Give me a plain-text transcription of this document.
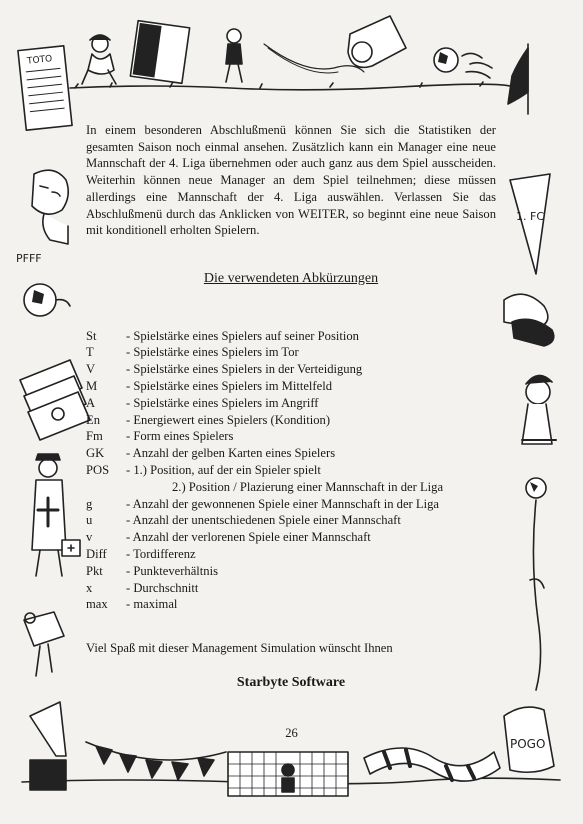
TOTO
1. FC
POGO
PFFF

In einem besonderen Abschlußmenü können Sie sich die Statistiken der gesamten Saison noch einmal ansehen. Zusätzlich kann ein Manager eine neue Mannschaft der 4. Liga übernehmen oder auch ganz aus dem Spiel ausscheiden. Weiterhin können neue Manager an dem Spiel teilnehmen; diese müssen allerdings eine Mannschaft der 4. Liga auswählen. Verlassen Sie das Abschlußmenü durch das Anklicken von WEITER, so beginnt eine neue Saison mit konditionell erholten Spielern.

Die verwendeten Abkürzungen
St	- Spielstärke eines Spielers auf seiner Position
T	- Spielstärke eines Spielers im Tor
V	- Spielstärke eines Spielers in der Verteidigung
M	- Spielstärke eines Spielers im Mittelfeld
A	- Spielstärke eines Spielers im Angriff
En	- Energiewert eines Spielers (Kondition)
Fm	- Form eines Spielers
GK	- Anzahl der gelben Karten eines Spielers
POS	- 1.) Position, auf der ein Spieler spielt
2.) Position / Plazierung einer Mannschaft in der Liga
g	- Anzahl der gewonnenen Spiele einer Mannschaft in der Liga
u	- Anzahl der unentschiedenen Spiele einer Mannschaft
v	- Anzahl der verlorenen Spiele einer Mannschaft
Diff	- Tordifferenz
Pkt	- Punkteverhältnis
x	- Durchschnitt
max	- maximal
Viel Spaß mit dieser Management Simulation wünscht Ihnen
Starbyte Software
26
